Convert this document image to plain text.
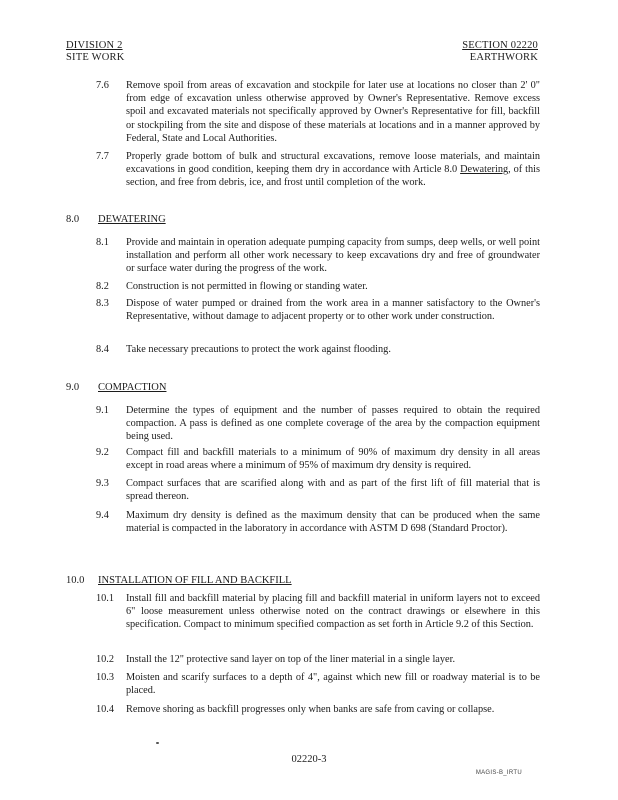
DIVISION 2
SITE WORK
SECTION 02220
EARTHWORK
7.6	Remove spoil from areas of excavation and stockpile for later use at locations no closer than 2' 0" from edge of excavation unless otherwise approved by Owner's Representative. Remove excess spoil and excavated materials not specifically approved by Owner's Representative for fill, backfill or stockpiling from the site and dispose of these materials at locations and in a manner approved by Federal, State and Local Authorities.
7.7	Properly grade bottom of bulk and structural excavations, remove loose materials, and maintain excavations in good condition, keeping them dry in accordance with Article 8.0 Dewatering, of this section, and free from debris, ice, and frost until completion of the work.
8.0 DEWATERING
8.1	Provide and maintain in operation adequate pumping capacity from sumps, deep wells, or well point installation and perform all other work necessary to keep excavations dry and free of groundwater or surface water during the progress of the work.
8.2	Construction is not permitted in flowing or standing water.
8.3	Dispose of water pumped or drained from the work area in a manner satisfactory to the Owner's Representative, without damage to adjacent property or to other work under construction.
8.4	Take necessary precautions to protect the work against flooding.
9.0 COMPACTION
9.1	Determine the types of equipment and the number of passes required to obtain the required compaction. A pass is defined as one complete coverage of the area by the compaction equipment being used.
9.2	Compact fill and backfill materials to a minimum of 90% of maximum dry density in all areas except in road areas where a minimum of 95% of maximum dry density is required.
9.3	Compact surfaces that are scarified along with and as part of the first lift of fill material that is spread thereon.
9.4	Maximum dry density is defined as the maximum density that can be produced when the same material is compacted in the laboratory in accordance with ASTM D 698 (Standard Proctor).
10.0 INSTALLATION OF FILL AND BACKFILL
10.1	Install fill and backfill material by placing fill and backfill material in uniform layers not to exceed 6" loose measurement unless otherwise noted on the contract drawings or elsewhere in this specification. Compact to minimum specified compaction as set forth in Article 9.2 of this Section.
10.2	Install the 12" protective sand layer on top of the liner material in a single layer.
10.3	Moisten and scarify surfaces to a depth of 4", against which new fill or roadway material is to be placed.
10.4	Remove shoring as backfill progresses only when banks are safe from caving or collapse.
02220-3
MAGIS-B_IRTU
